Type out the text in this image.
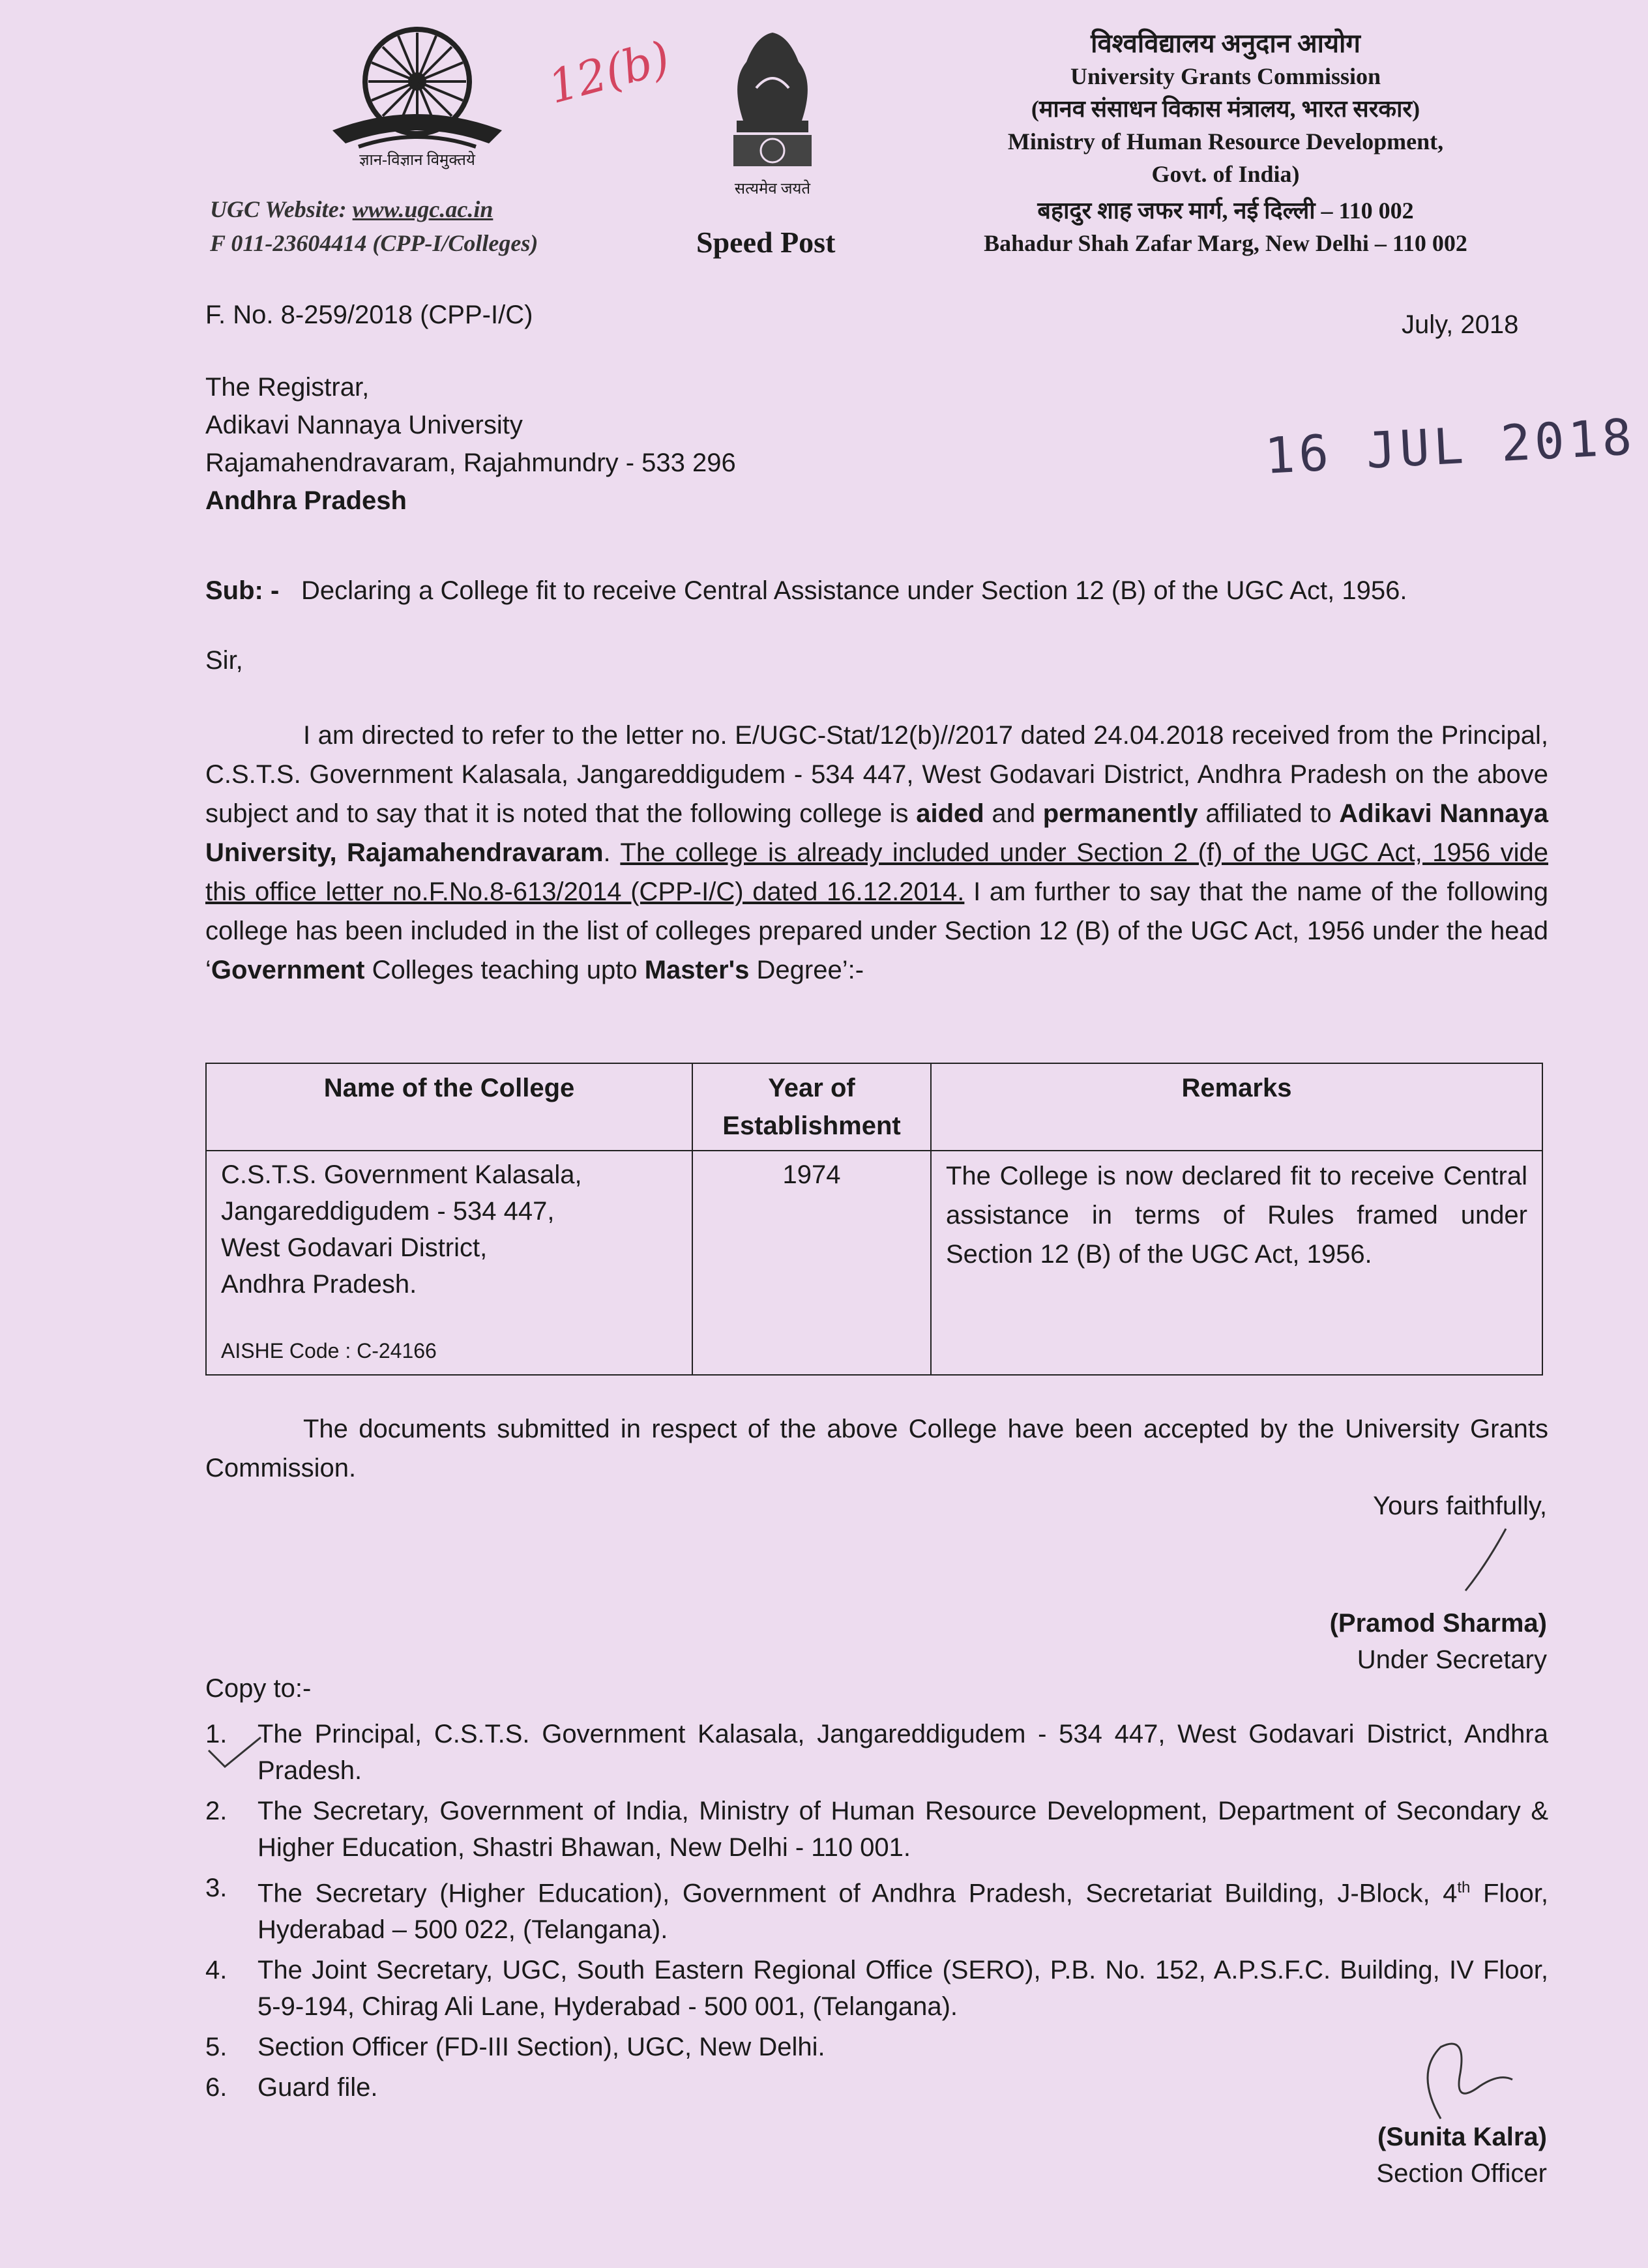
ज्ञान-विज्ञान विमुक्तये
12(b)
सत्यमेव जयते
UGC Website: www.ugc.ac.in
F 011-23604414 (CPP-I/Colleges)	Speed Post
विश्वविद्यालय अनुदान आयोग
University Grants Commission
(मानव संसाधन विकास मंत्रालय, भारत सरकार)
Ministry of Human Resource Development,
Govt. of India)
बहादुर शाह जफर मार्ग, नई दिल्ली – 110 002
Bahadur Shah Zafar Marg, New Delhi – 110 002
F. No. 8-259/2018 (CPP-I/C)	July, 2018
The Registrar,
Adikavi Nannaya University
Rajamahendravaram, Rajahmundry - 533 296
Andhra Pradesh
16 JUL 2018
Sub: - Declaring a College fit to receive Central Assistance under Section 12 (B) of the UGC Act, 1956.
Sir,
I am directed to refer to the letter no. E/UGC-Stat/12(b)//2017 dated 24.04.2018 received from the Principal, C.S.T.S. Government Kalasala, Jangareddigudem - 534 447, West Godavari District, Andhra Pradesh on the above subject and to say that it is noted that the following college is aided and permanently affiliated to Adikavi Nannaya University, Rajamahendravaram. The college is already included under Section 2 (f) of the UGC Act, 1956 vide this office letter no.F.No.8-613/2014 (CPP-I/C) dated 16.12.2014. I am further to say that the name of the following college has been included in the list of colleges prepared under Section 12 (B) of the UGC Act, 1956 under the head ‘Government Colleges teaching upto Master's Degree’:-
Name of the College	Year of Establishment	Remarks

C.S.T.S. Government Kalasala,
Jangareddigudem - 534 447,
West Godavari District,
Andhra Pradesh.
AISHE Code : C-24166	1974	The College is now declared fit to receive Central assistance in terms of Rules framed under Section 12 (B) of the UGC Act, 1956.
The documents submitted in respect of the above College have been accepted by the University Grants Commission.
Yours faithfully,
(Pramod Sharma)
Under Secretary
Copy to:-
1.	The Principal, C.S.T.S. Government Kalasala, Jangareddigudem - 534 447, West Godavari District, Andhra Pradesh.
2.	The Secretary, Government of India, Ministry of Human Resource Development, Department of Secondary & Higher Education, Shastri Bhawan, New Delhi - 110 001.
3.	The Secretary (Higher Education), Government of Andhra Pradesh, Secretariat Building, J-Block, 4th Floor, Hyderabad – 500 022, (Telangana).
4.	The Joint Secretary, UGC, South Eastern Regional Office (SERO), P.B. No. 152, A.P.S.F.C. Building, IV Floor, 5-9-194, Chirag Ali Lane, Hyderabad - 500 001, (Telangana).
5.	Section Officer (FD-III Section), UGC, New Delhi.
6.	Guard file.
(Sunita Kalra)
Section Officer
